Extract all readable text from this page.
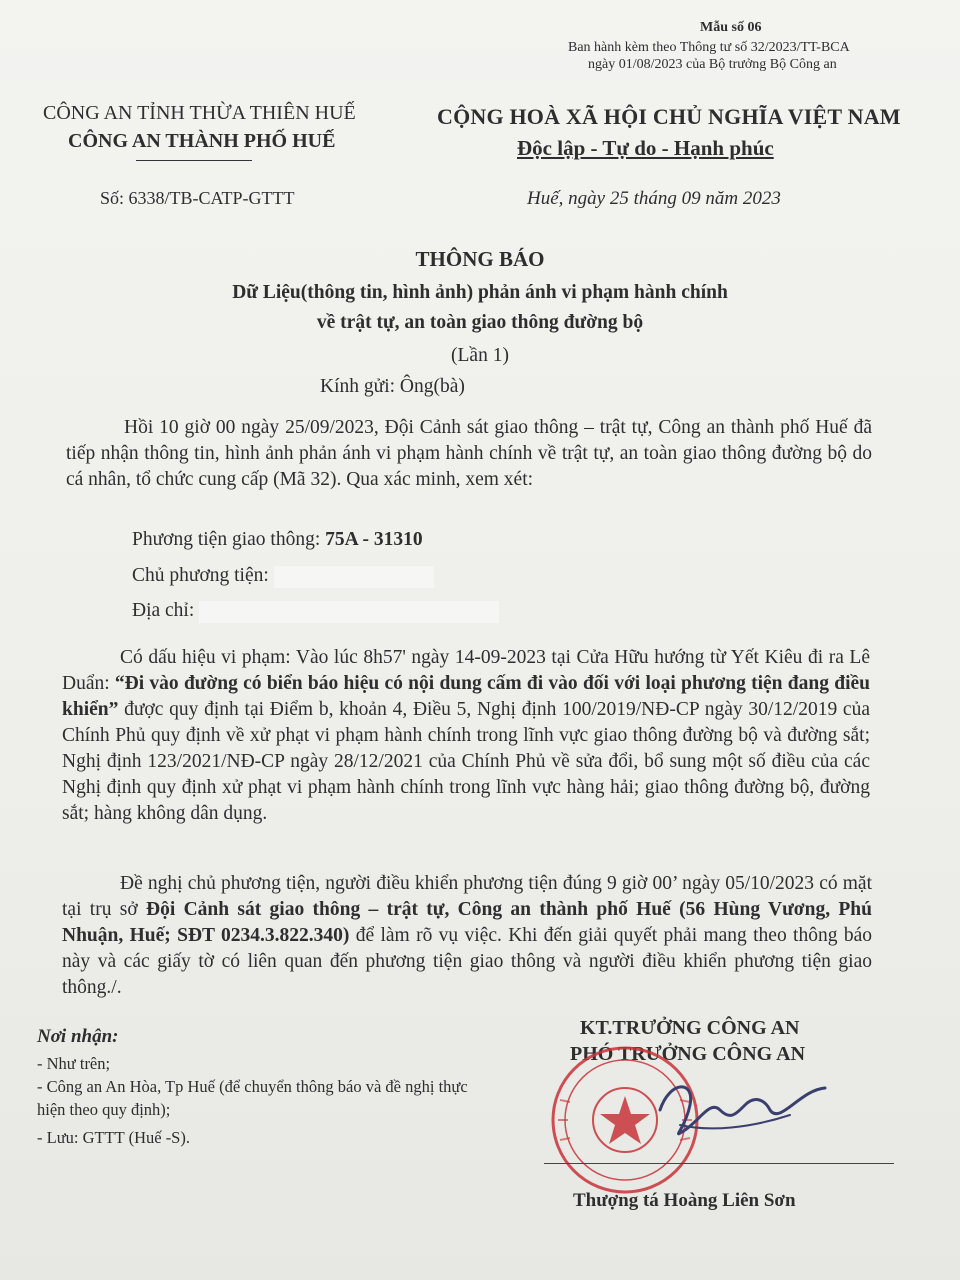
Mẫu số 06
Ban hành kèm theo Thông tư số 32/2023/TT-BCA
ngày 01/08/2023 của Bộ trưởng Bộ Công an
CÔNG AN TỈNH THỪA THIÊN HUẾ
CÔNG AN THÀNH PHỐ HUẾ
CỘNG HOÀ XÃ HỘI CHỦ NGHĨA VIỆT NAM
Độc lập - Tự do - Hạnh phúc
Số: 6338/TB-CATP-GTTT	Huế, ngày 25 tháng 09 năm 2023
THÔNG BÁO
Dữ Liệu(thông tin, hình ảnh) phản ánh vi phạm hành chính
về trật tự, an toàn giao thông đường bộ
(Lần 1)
Kính gửi: Ông(bà)
Hồi 10 giờ 00 ngày 25/09/2023, Đội Cảnh sát giao thông – trật tự, Công an thành phố Huế đã tiếp nhận thông tin, hình ảnh phản ánh vi phạm hành chính về trật tự, an toàn giao thông đường bộ do cá nhân, tổ chức cung cấp (Mã 32). Qua xác minh, xem xét:
Phương tiện giao thông: 75A - 31310
Chủ phương tiện:
Địa chỉ:
Có dấu hiệu vi phạm: Vào lúc 8h57' ngày 14-09-2023 tại Cửa Hữu hướng từ Yết Kiêu đi ra Lê Duẩn: “Đi vào đường có biển báo hiệu có nội dung cấm đi vào đối với loại phương tiện đang điều khiển” được quy định tại Điểm b, khoản 4, Điều 5, Nghị định 100/2019/NĐ-CP ngày 30/12/2019 của Chính Phủ quy định về xử phạt vi phạm hành chính trong lĩnh vực giao thông đường bộ và đường sắt; Nghị định 123/2021/NĐ-CP ngày 28/12/2021 của Chính Phủ về sửa đổi, bổ sung một số điều của các Nghị định quy định xử phạt vi phạm hành chính trong lĩnh vực hàng hải; giao thông đường bộ, đường sắt; hàng không dân dụng.
Đề nghị chủ phương tiện, người điều khiển phương tiện đúng 9 giờ 00’ ngày 05/10/2023 có mặt tại trụ sở Đội Cảnh sát giao thông – trật tự, Công an thành phố Huế (56 Hùng Vương, Phú Nhuận, Huế; SĐT 0234.3.822.340) để làm rõ vụ việc. Khi đến giải quyết phải mang theo thông báo này và các giấy tờ có liên quan đến phương tiện giao thông và người điều khiển phương tiện giao thông./.
Nơi nhận:
- Như trên;
- Công an An Hòa, Tp Huế (để chuyển thông báo và đề nghị thực hiện theo quy định);
- Lưu: GTTT (Huế -S).
KT.TRƯỞNG CÔNG AN
PHÓ TRƯỞNG CÔNG AN
Thượng tá Hoàng Liên Sơn
